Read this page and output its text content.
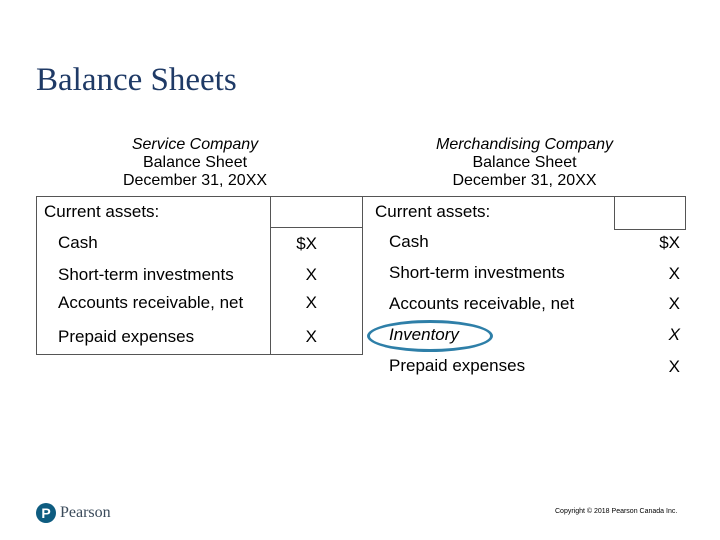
Balance Sheets
Service Company
Balance Sheet
December 31, 20XX
Merchandising Company
Balance Sheet
December 31, 20XX
Current assets:
Cash	$X
Short-term investments	X
Accounts receivable, net	X
Prepaid expenses	X
Current assets:
Cash	$X
Short-term investments	X
Accounts receivable, net	X
Inventory	X
Prepaid expenses	X
P Pearson	Copyright © 2018 Pearson Canada Inc.
